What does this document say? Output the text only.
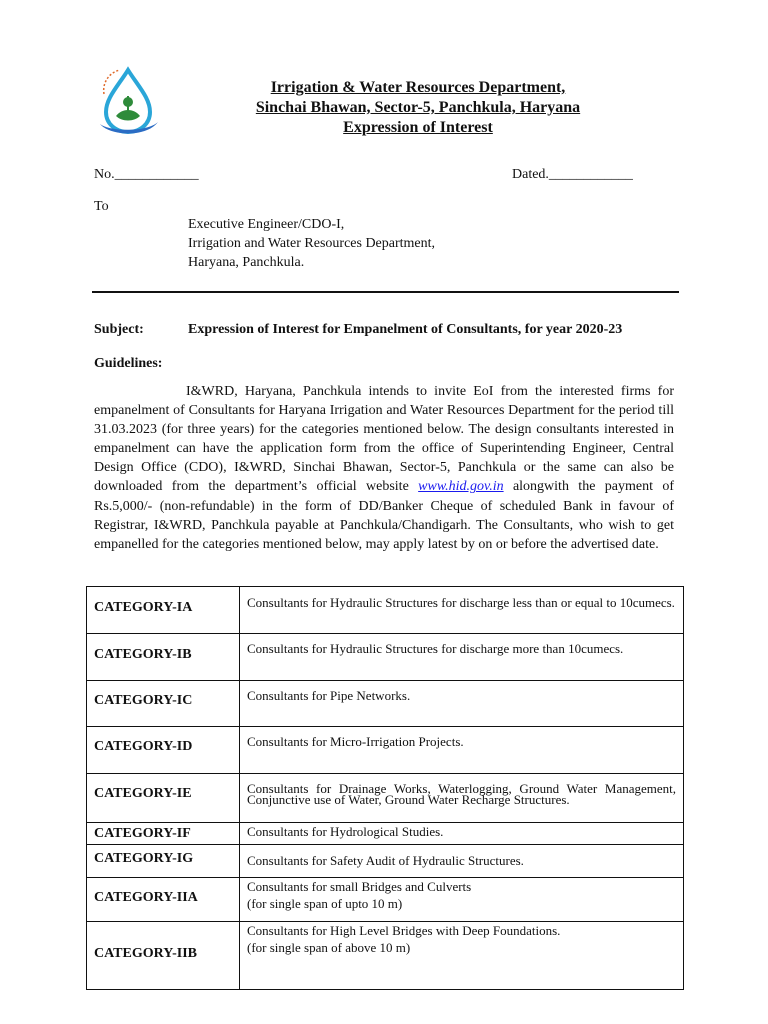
Irrigation & Water Resources Department,
Sinchai Bhawan, Sector-5, Panchkula, Haryana
Expression of Interest
No.____________	Dated.____________
To
Executive Engineer/CDO-I,
Irrigation and Water Resources Department,
Haryana, Panchkula.
Subject:	Expression of Interest for Empanelment of Consultants, for year 2020-23
Guidelines:
I&WRD, Haryana, Panchkula intends to invite EoI from the interested firms for empanelment of Consultants for Haryana Irrigation and Water Resources Department for the period till 31.03.2023 (for three years) for the categories mentioned below. The design consultants interested in empanelment can have the application form from the office of Superintending Engineer, Central Design Office (CDO), I&WRD, Sinchai Bhawan, Sector-5, Panchkula or the same can also be downloaded from the department’s official website www.hid.gov.in alongwith the payment of Rs.5,000/- (non-refundable) in the form of DD/Banker Cheque of scheduled Bank in favour of Registrar, I&WRD, Panchkula payable at Panchkula/Chandigarh. The Consultants, who wish to get empanelled for the categories mentioned below, may apply latest by on or before the advertised date.
CATEGORY-IA	Consultants for Hydraulic Structures for discharge less than or equal to 10cumecs.

CATEGORY-IB	Consultants for Hydraulic Structures for discharge more than 10cumecs.

CATEGORY-IC	Consultants for Pipe Networks.

CATEGORY-ID	Consultants for Micro-Irrigation Projects.

CATEGORY-IE	Consultants for Drainage Works, Waterlogging, Ground Water Management, Conjunctive use of Water, Ground Water Recharge Structures.

CATEGORY-IF	Consultants for Hydrological Studies.

CATEGORY-IG	Consultants for Safety Audit of Hydraulic Structures.

CATEGORY-IIA	Consultants for small Bridges and Culverts
(for single span of upto 10 m)

CATEGORY-IIB	Consultants for High Level Bridges with Deep Foundations.
(for single span of above 10 m)
